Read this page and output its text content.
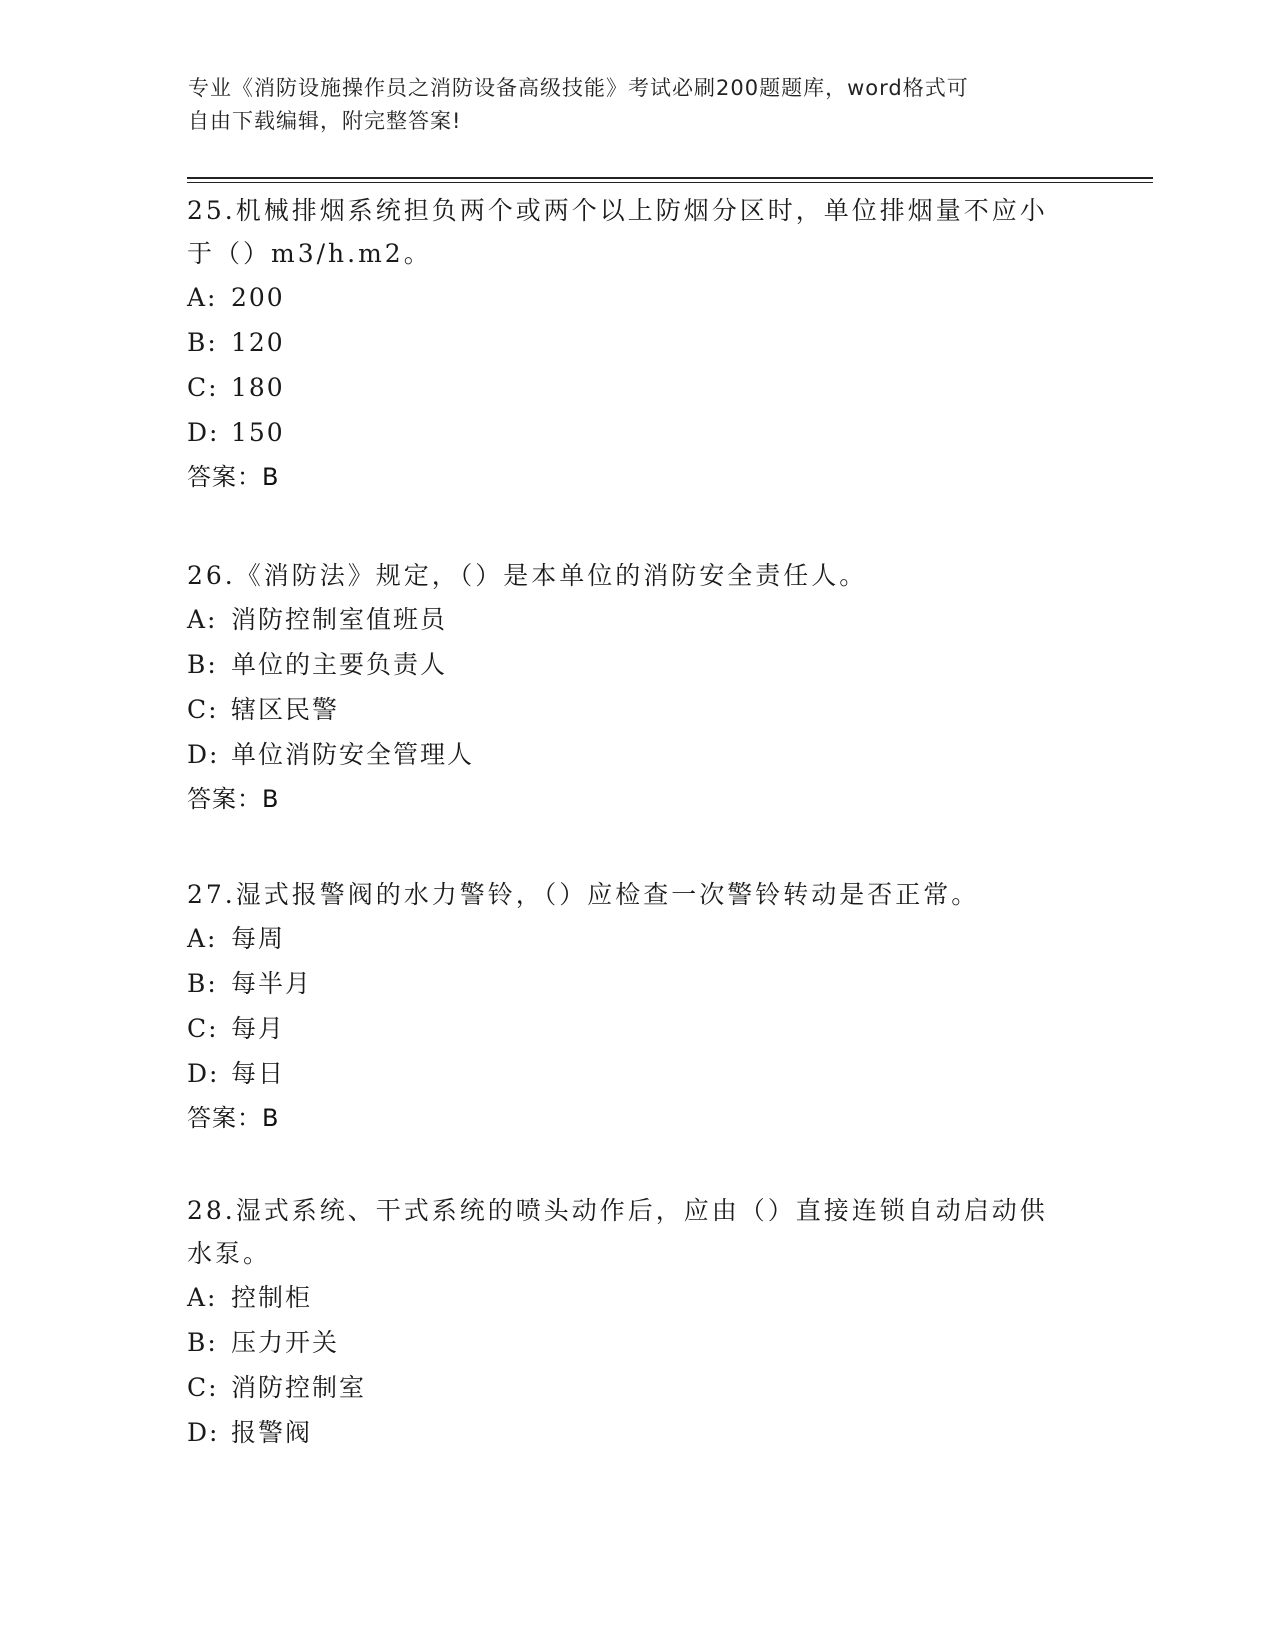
专业《消防设施操作员之消防设备高级技能》考试必刷200题题库，word格式可
自由下载编辑，附完整答案!
25.机械排烟系统担负两个或两个以上防烟分区时，单位排烟量不应小
于（）m3/h.m2。
A: 200
B: 120
C: 180
D: 150
答案：B
26.《消防法》规定，（）是本单位的消防安全责任人。
A: 消防控制室值班员
B: 单位的主要负责人
C: 辖区民警
D: 单位消防安全管理人
答案：B
27.湿式报警阀的水力警铃，（）应检查一次警铃转动是否正常。
A: 每周
B: 每半月
C: 每月
D: 每日
答案：B
28.湿式系统、干式系统的喷头动作后，应由（）直接连锁自动启动供
水泵。
A: 控制柜
B: 压力开关
C: 消防控制室
D: 报警阀
